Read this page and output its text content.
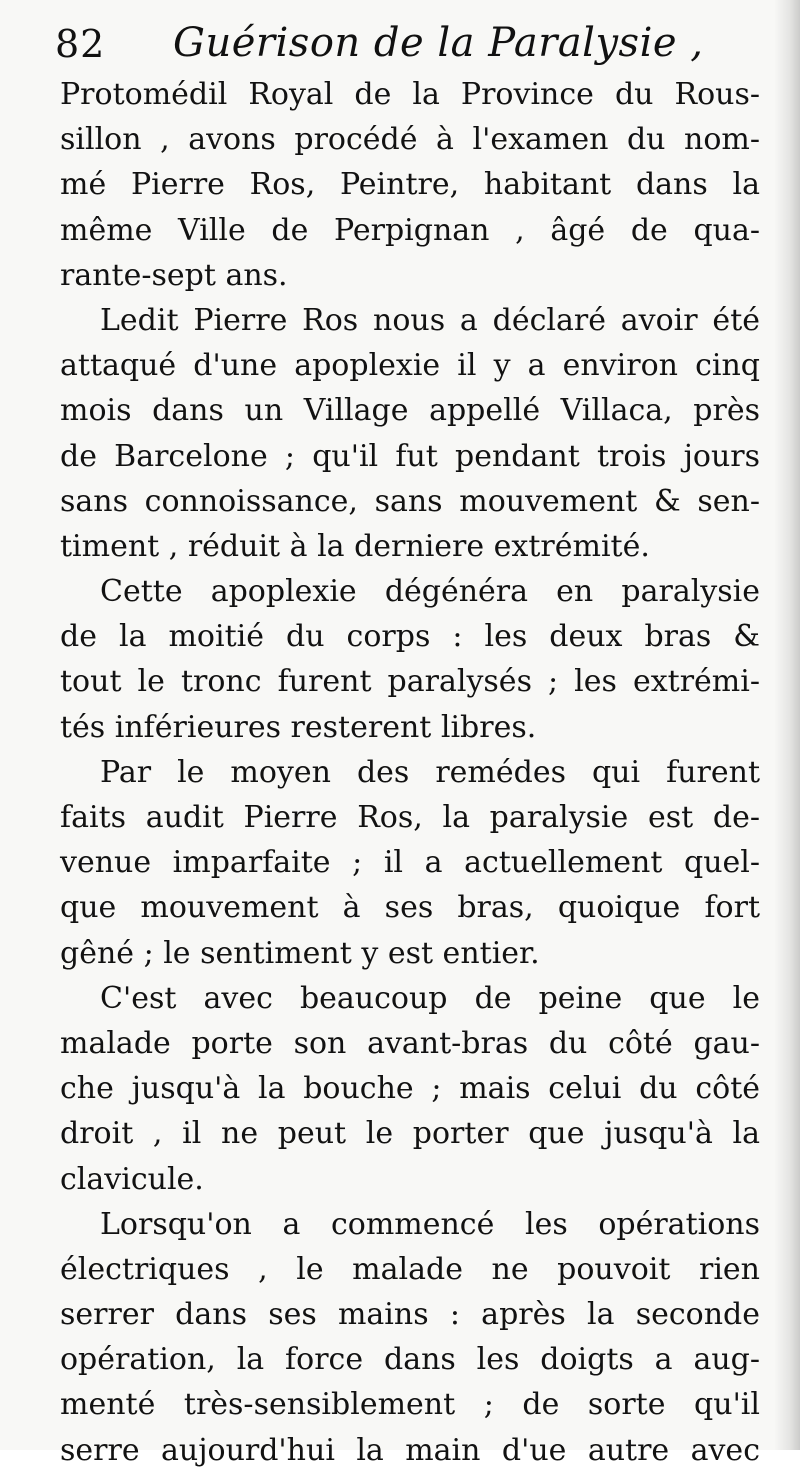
82 Guérison de la Paralysie ,
Protomédil Royal de la Province du Rous-
sillon , avons procédé à l'examen du nom-
mé Pierre Ros, Peintre, habitant dans la
même Ville de Perpignan , âgé de qua-
rante-sept ans.
Ledit Pierre Ros nous a déclaré avoir été
attaqué d'une apoplexie il y a environ cinq
mois dans un Village appellé Villaca, près
de Barcelone ; qu'il fut pendant trois jours
sans connoissance, sans mouvement & sen-
timent , réduit à la derniere extrémité.
Cette apoplexie dégénéra en paralysie
de la moitié du corps : les deux bras &
tout le tronc furent paralysés ; les extrémi-
tés inférieures resterent libres.
Par le moyen des remédes qui furent
faits audit Pierre Ros, la paralysie est de-
venue imparfaite ; il a actuellement quel-
que mouvement à ses bras, quoique fort
gêné ; le sentiment y est entier.
C'est avec beaucoup de peine que le
malade porte son avant-bras du côté gau-
che jusqu'à la bouche ; mais celui du côté
droit , il ne peut le porter que jusqu'à la
clavicule.
Lorsqu'on a commencé les opérations
électriques , le malade ne pouvoit rien
serrer dans ses mains : après la seconde
opération, la force dans les doigts a aug-
menté très-sensiblement ; de sorte qu'il
serre aujourd'hui la main d'ue autre avec
